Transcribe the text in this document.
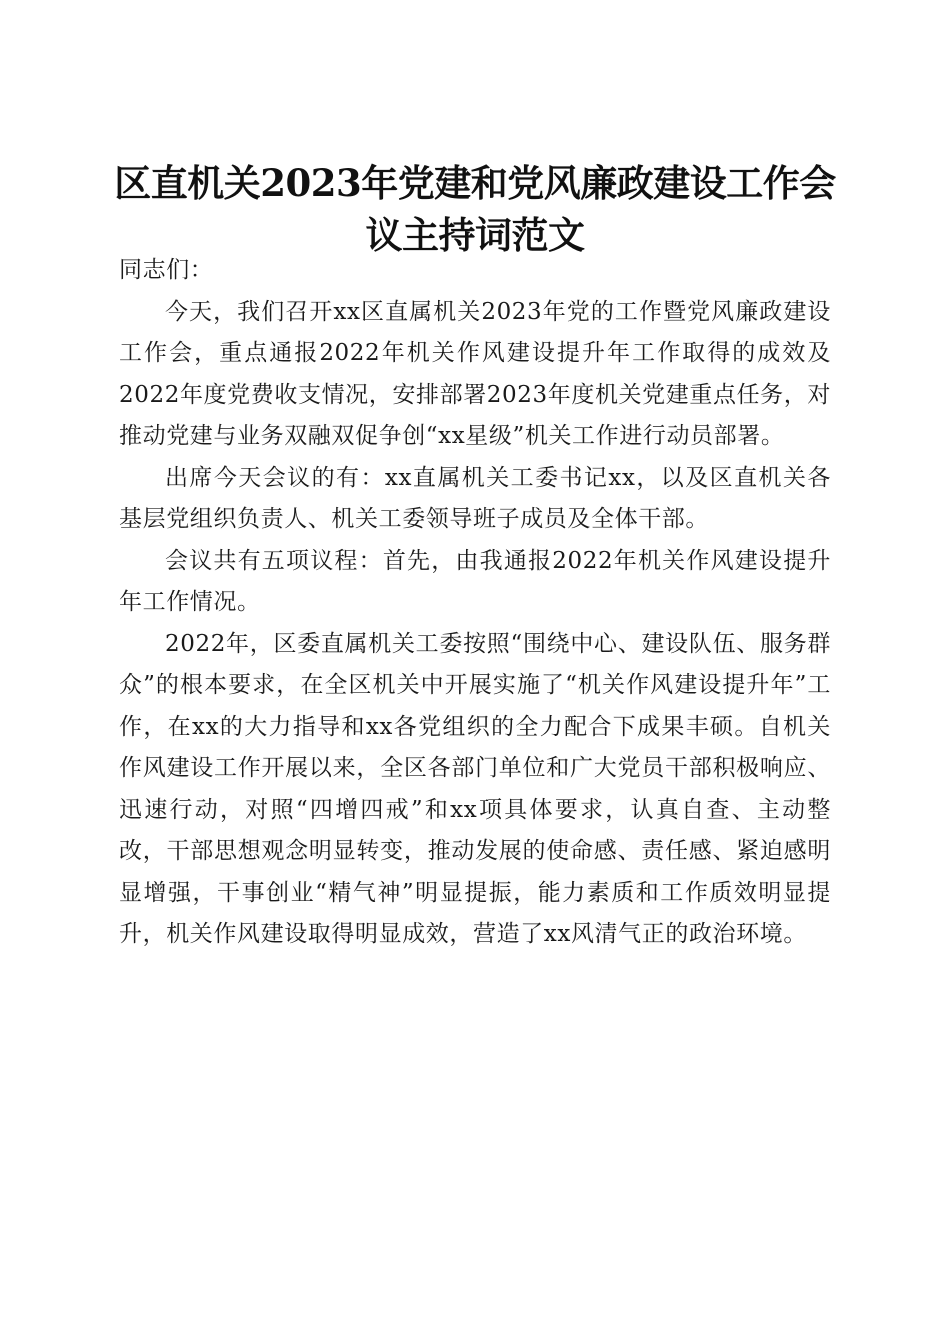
区直机关2023年党建和党风廉政建设工作会
议主持词范文
同志们：

今天，我们召开xx区直属机关2023年党的工作暨党风廉政建设工作会，重点通报2022年机关作风建设提升年工作取得的成效及2022年度党费收支情况，安排部署2023年度机关党建重点任务，对推动党建与业务双融双促争创“xx星级”机关工作进行动员部署。

出席今天会议的有：xx直属机关工委书记xx，以及区直机关各基层党组织负责人、机关工委领导班子成员及全体干部。

会议共有五项议程：首先，由我通报2022年机关作风建设提升年工作情况。

2022年，区委直属机关工委按照“围绕中心、建设队伍、服务群众”的根本要求，在全区机关中开展实施了“机关作风建设提升年”工作，在xx的大力指导和xx各党组织的全力配合下成果丰硕。自机关作风建设工作开展以来，全区各部门单位和广大党员干部积极响应、迅速行动，对照“四增四戒”和xx项具体要求，认真自查、主动整改，干部思想观念明显转变，推动发展的使命感、责任感、紧迫感明显增强，干事创业“精气神”明显提振，能力素质和工作质效明显提升，机关作风建设取得明显成效，营造了xx风清气正的政治环境。
